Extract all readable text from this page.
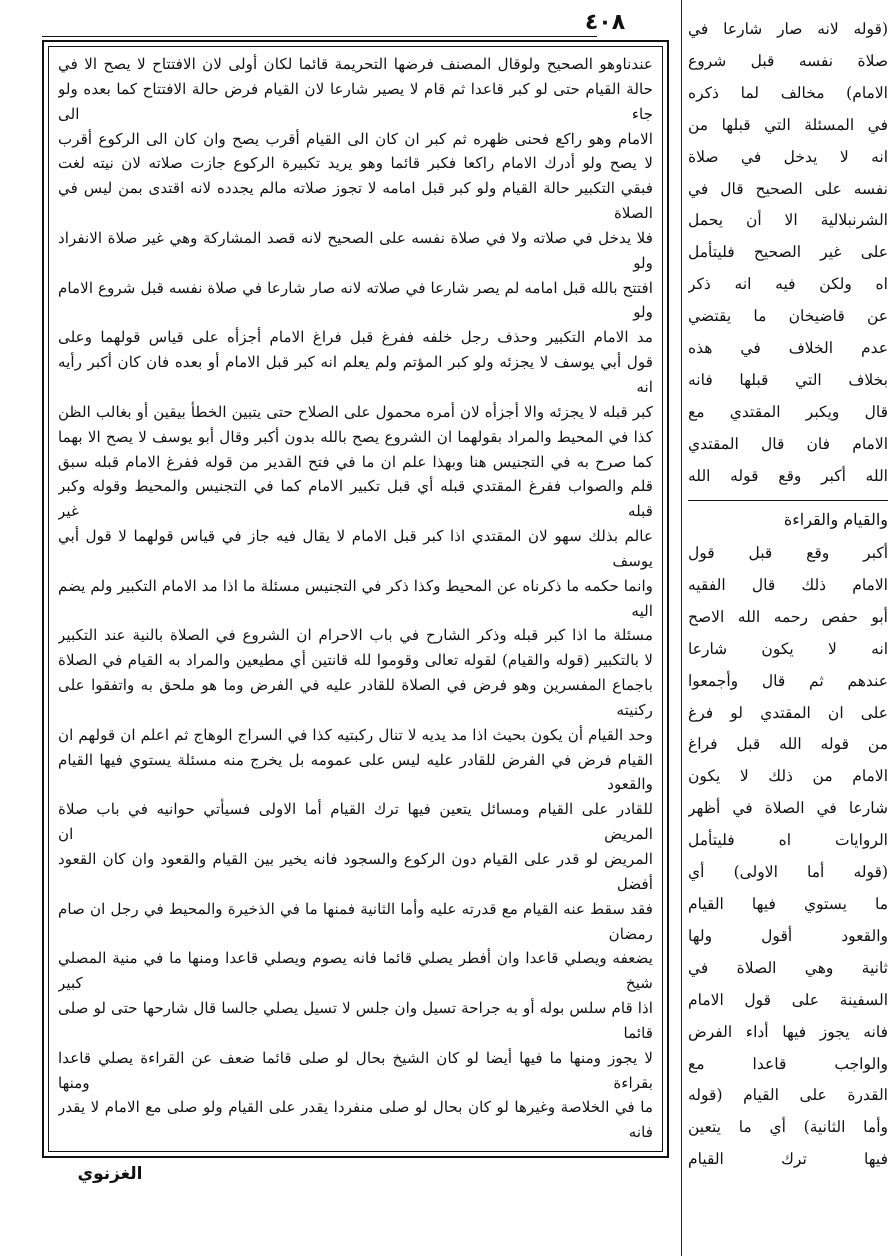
٤٠٨

عندناوهو الصحيح ولوقال المصنف فرضها التحريمة قائما لكان أولى لان الافتتاح لا يصح الا في

حالة القيام حتى لو كبر قاعدا ثم قام لا يصير شارعا لان القيام فرض حالة الافتتاح كما بعده ولو جاء الى

الامام وهو راكع فحنى ظهره ثم كبر ان كان الى القيام أقرب يصح وان كان الى الركوع أقرب

لا يصح ولو أدرك الامام راكعا فكبر قائما وهو يريد تكبيرة الركوع جازت صلاته لان نيته لغت

فبقي التكبير حالة القيام ولو كبر قبل امامه لا تجوز صلاته مالم يجدده لانه اقتدى بمن ليس في الصلاة

فلا يدخل في صلاته ولا في صلاة نفسه على الصحيح لانه قصد المشاركة وهي غير صلاة الانفراد ولو

افتتح بالله قبل امامه لم يصر شارعا في صلاته لانه صار شارعا في صلاة نفسه قبل شروع الامام ولو

مد الامام التكبير وحذف رجل خلفه ففرغ قبل فراغ الامام أجزأه على قياس قولهما وعلى

قول أبي يوسف لا يجزئه ولو كبر المؤتم ولم يعلم انه كبر قبل الامام أو بعده فان كان أكبر رأيه انه

كبر قبله لا يجزئه والا أجزأه لان أمره محمول على الصلاح حتى يتبين الخطأ بيقين أو بغالب الظن

كذا في المحيط والمراد بقولهما ان الشروع يصح بالله بدون أكبر وقال أبو يوسف لا يصح الا بهما

كما صرح به في التجنيس هنا وبهذا علم ان ما في فتح القدير من قوله ففرغ الامام قبله سبق

قلم والصواب ففرغ المقتدي قبله أي قبل تكبير الامام كما في التجنيس والمحيط وقوله وكبر قبله غير

عالم بذلك سهو لان المقتدي اذا كبر قبل الامام لا يقال فيه جاز في قياس قولهما لا قول أبي يوسف

وانما حكمه ما ذكرناه عن المحيط وكذا ذكر في التجنيس مسئلة ما اذا مد الامام التكبير ولم يضم اليه

مسئلة ما اذا كبر قبله وذكر الشارح في باب الاحرام ان الشروع في الصلاة بالنية عند التكبير

لا بالتكبير (قوله والقيام) لقوله تعالى وقوموا لله قانتين أي مطيعين والمراد به القيام في الصلاة

باجماع المفسرين وهو فرض في الصلاة للقادر عليه في الفرض وما هو ملحق به واتفقوا على ركنيته

وحد القيام أن يكون بحيث اذا مد يديه لا تنال ركبتيه كذا في السراج الوهاج ثم اعلم ان قولهم ان

القيام فرض في الفرض للقادر عليه ليس على عمومه بل يخرج منه مسئلة يستوي فيها القيام والقعود

للقادر على القيام ومسائل يتعين فيها ترك القيام أما الاولى فسيأتي حوانيه في باب صلاة المريض ان

المريض لو قدر على القيام دون الركوع والسجود فانه يخير بين القيام والقعود وان كان القعود أفضل

فقد سقط عنه القيام مع قدرته عليه وأما الثانية فمنها ما في الذخيرة والمحيط في رجل ان صام رمضان

يضعفه ويصلي قاعدا وان أفطر يصلي قائما فانه يصوم ويصلي قاعدا ومنها ما في منية المصلي شيخ كبير

اذا قام سلس بوله أو به جراحة تسيل وان جلس لا تسيل يصلي جالسا قال شارحها حتى لو صلى قائما

لا يجوز ومنها ما فيها أيضا لو كان الشيخ بحال لو صلى قائما ضعف عن القراءة يصلي قاعدا بقراءة ومنها

ما في الخلاصة وغيرها لو كان بحال لو صلى منفردا يقدر على القيام ولو صلى مع الامام لا يقدر فانه

الغزنوي

(قوله لانه صار شارعا في

صلاة نفسه قبل شروع

الامام) مخالف لما ذكره

في المسئلة التي قبلها من

انه لا يدخل في صلاة

نفسه على الصحيح قال في

الشرنبلالية الا أن يحمل

على غير الصحيح فليتأمل

اه ولكن فيه انه ذكر

عن قاضيخان ما يقتضي

عدم الخلاف في هذه

بخلاف التي قبلها فانه

قال ويكبر المقتدي مع

الامام فان قال المقتدي

الله أكبر وقع قوله الله

والقيام والقراءة

أكبر وقع قبل قول

الامام ذلك قال الفقيه

أبو حفص رحمه الله الاصح

انه لا يكون شارعا

عندهم ثم قال وأجمعوا

على ان المقتدي لو فرغ

من قوله الله قبل فراغ

الامام من ذلك لا يكون

شارعا في الصلاة في أظهر

الروايات اه فليتأمل

(قوله أما الاولى) أي

ما يستوي فيها القيام

والقعود أقول ولها

ثانية وهي الصلاة في

السفينة على قول الامام

فانه يجوز فيها أداء الفرض

والواجب قاعدا مع

القدرة على القيام (قوله

وأما الثانية) أي ما يتعين

فيها ترك القيام
